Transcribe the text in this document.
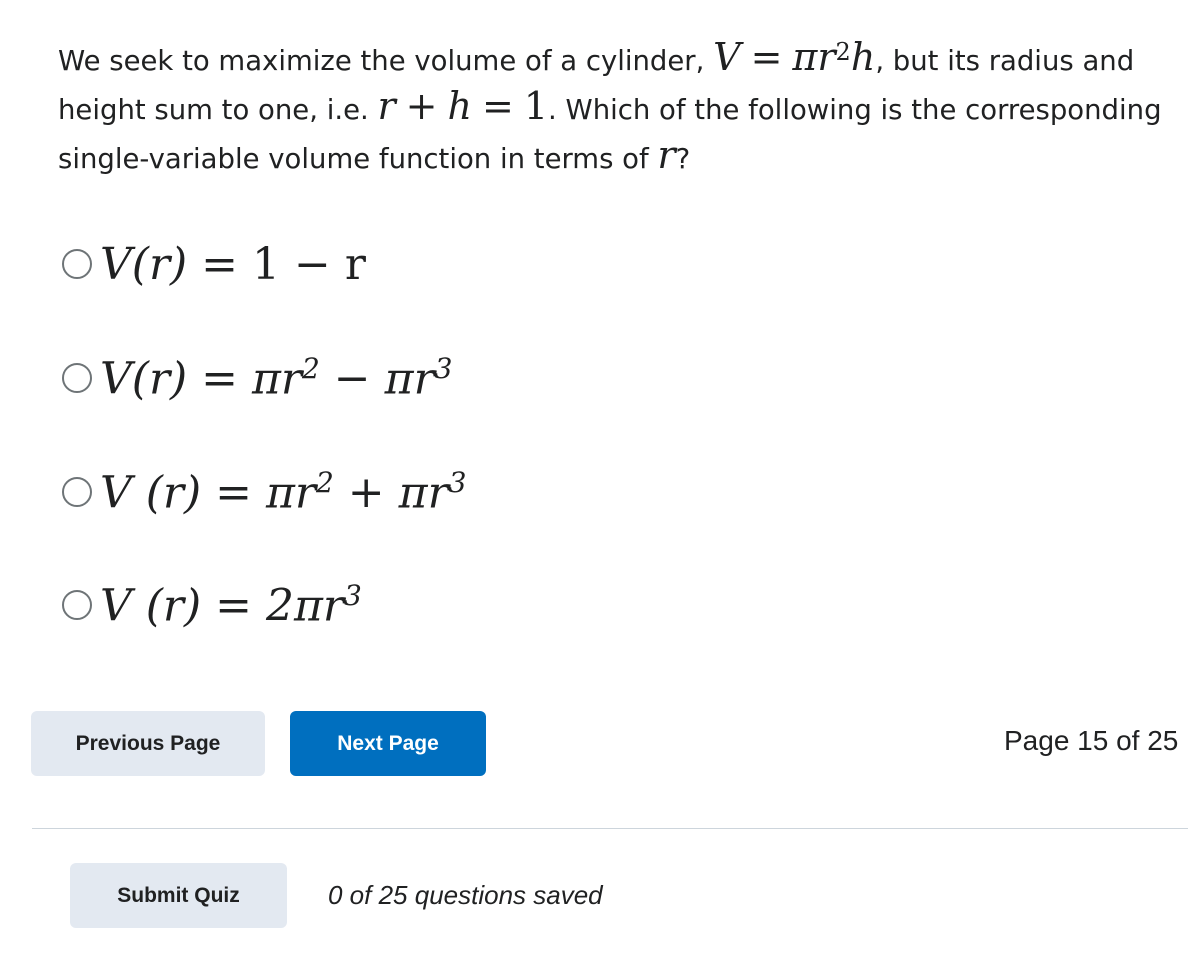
We seek to maximize the volume of a cylinder, $V = \pi r^2h$, but its radius and height sum to one, i.e. r + h = 1. Which of the following is the corresponding single-variable volume function in terms of r?
V(r) = 1 − r
$V(r) = \pi r^2 - \pi r^3$
V $(r) = \pi r^2 + \pi r^3$
V $(r) = 2\pi r^3$
Previous Page	Next Page	Page 15 of 25
Submit Quiz	0 of 25 questions saved
